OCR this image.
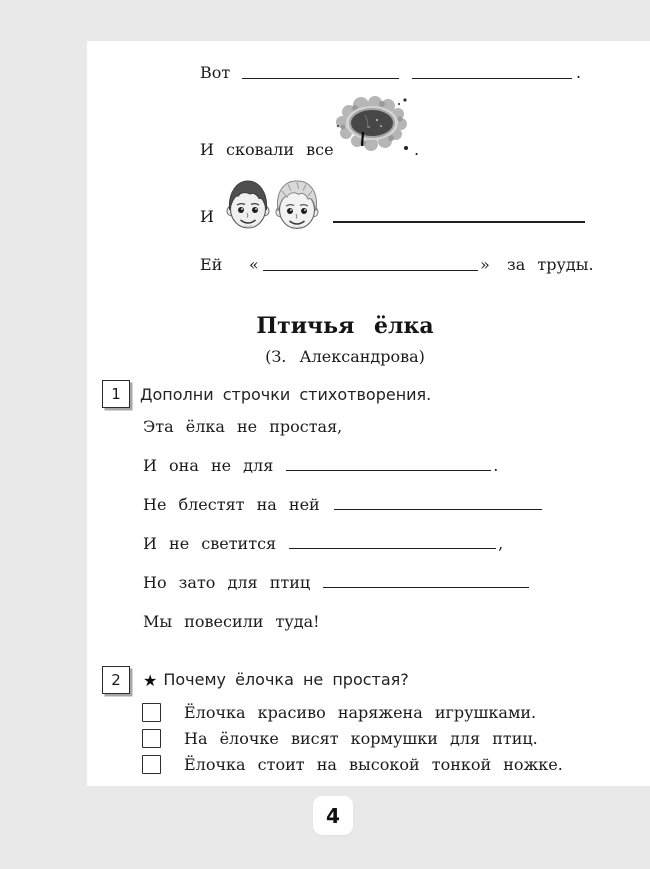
Вот	.
И сковали все	.
И
Ей «	» за труды.
Птичья ёлка
(З. Александрова)
1 Дополни строчки стихотворения.
Эта ёлка не простая,
И она не для	.
Не блестят на ней
И не светится	,
Но зато для птиц
Мы повесили туда!
2 ★ Почему ёлочка не простая?
Ёлочка красиво наряжена игрушками.
На ёлочке висят кормушки для птиц.
Ёлочка стоит на высокой тонкой ножке.
4
